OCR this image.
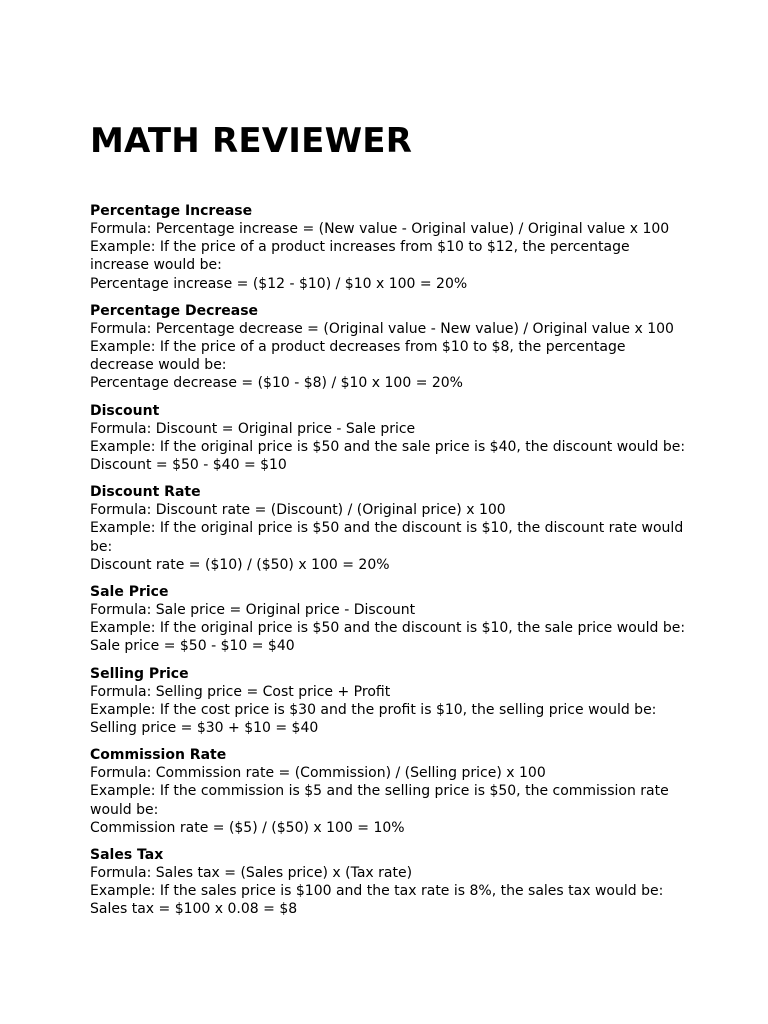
MATH REVIEWER

Percentage Increase

Formula: Percentage increase = (New value - Original value) / Original value x 100

Example: If the price of a product increases from $10 to $12, the percentage increase would be:

Percentage increase = ($12 - $10) / $10 x 100 = 20%

Percentage Decrease

Formula: Percentage decrease = (Original value - New value) / Original value x 100

Example: If the price of a product decreases from $10 to $8, the percentage decrease would be:

Percentage decrease = ($10 - $8) / $10 x 100 = 20%

Discount

Formula: Discount = Original price - Sale price

Example: If the original price is $50 and the sale price is $40, the discount would be:

Discount = $50 - $40 = $10

Discount Rate

Formula: Discount rate = (Discount) / (Original price) x 100

Example: If the original price is $50 and the discount is $10, the discount rate would be:

Discount rate = ($10) / ($50) x 100 = 20%

Sale Price

Formula: Sale price = Original price - Discount

Example: If the original price is $50 and the discount is $10, the sale price would be:

Sale price = $50 - $10 = $40

Selling Price

Formula: Selling price = Cost price + Profit

Example: If the cost price is $30 and the profit is $10, the selling price would be:

Selling price = $30 + $10 = $40

Commission Rate

Formula: Commission rate = (Commission) / (Selling price) x 100

Example: If the commission is $5 and the selling price is $50, the commission rate would be:

Commission rate = ($5) / ($50) x 100 = 10%

Sales Tax

Formula: Sales tax = (Sales price) x (Tax rate)

Example: If the sales price is $100 and the tax rate is 8%, the sales tax would be:

Sales tax = $100 x 0.08 = $8
